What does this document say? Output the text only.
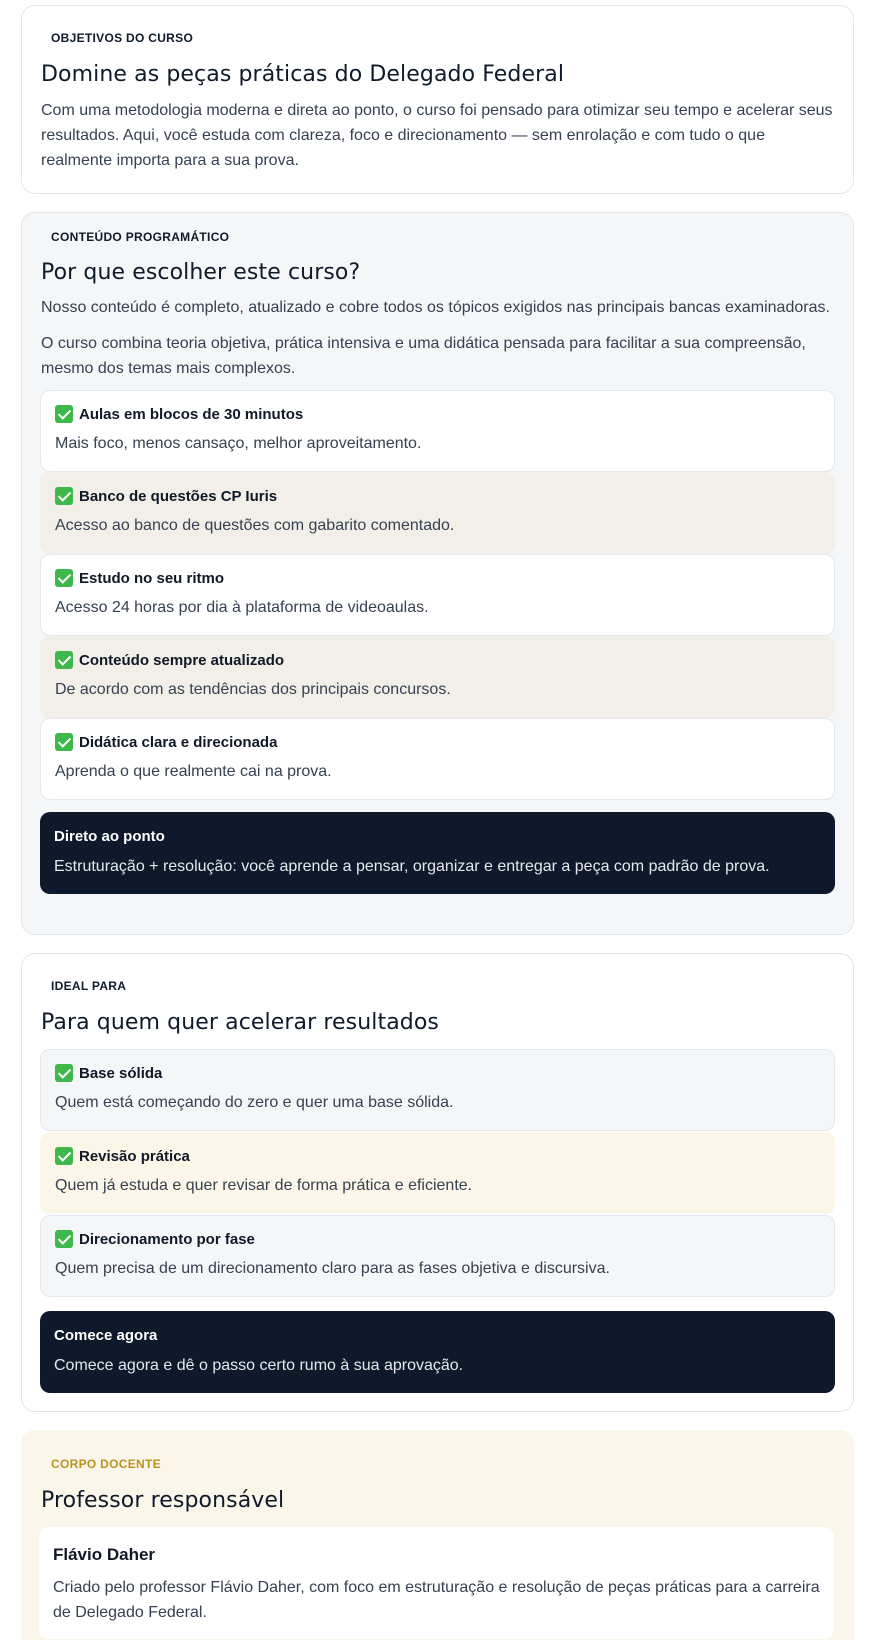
OBJETIVOS DO CURSO
Domine as peças práticas do Delegado Federal

Com uma metodologia moderna e direta ao ponto, o curso foi pensado para otimizar seu tempo e acelerar seus resultados. Aqui, você estuda com clareza, foco e direcionamento — sem enrolação e com tudo o que realmente importa para a sua prova.

CONTEÚDO PROGRAMÁTICO
Por que escolher este curso?

Nosso conteúdo é completo, atualizado e cobre todos os tópicos exigidos nas principais bancas examinadoras.

O curso combina teoria objetiva, prática intensiva e uma didática pensada para facilitar a sua compreensão, mesmo dos temas mais complexos.

Aulas em blocos de 30 minutos
Mais foco, menos cansaço, melhor aproveitamento.
Banco de questões CP Iuris
Acesso ao banco de questões com gabarito comentado.
Estudo no seu ritmo
Acesso 24 horas por dia à plataforma de videoaulas.
Conteúdo sempre atualizado
De acordo com as tendências dos principais concursos.
Didática clara e direcionada
Aprenda o que realmente cai na prova.
Direto ao ponto
Estruturação + resolução: você aprende a pensar, organizar e entregar a peça com padrão de prova.
IDEAL PARA
Para quem quer acelerar resultados
Base sólida
Quem está começando do zero e quer uma base sólida.
Revisão prática
Quem já estuda e quer revisar de forma prática e eficiente.
Direcionamento por fase
Quem precisa de um direcionamento claro para as fases objetiva e discursiva.
Comece agora
Comece agora e dê o passo certo rumo à sua aprovação.
CORPO DOCENTE
Professor responsável
Flávio Daher
Criado pelo professor Flávio Daher, com foco em estruturação e resolução de peças práticas para a carreira de Delegado Federal.
